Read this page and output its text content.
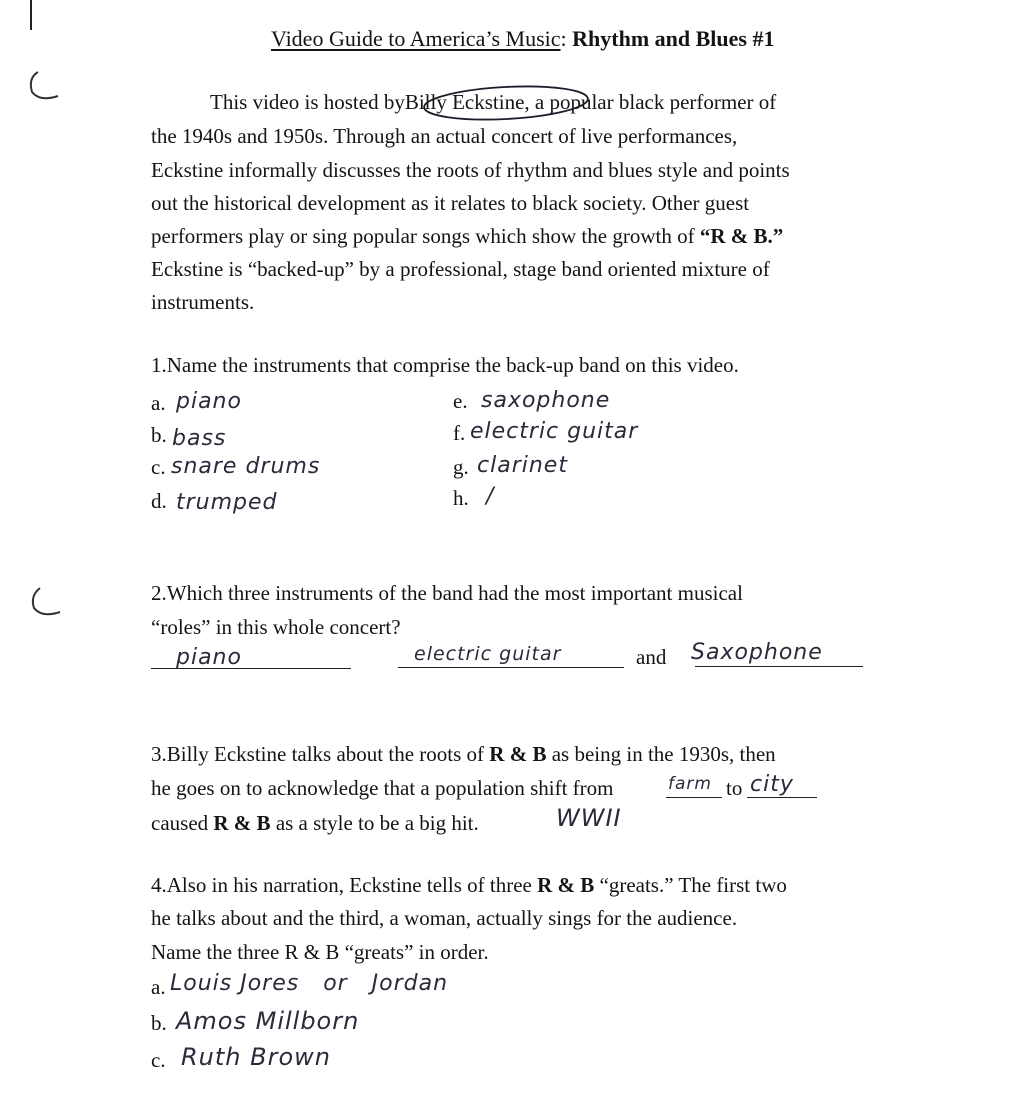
Video Guide to America’s Music: Rhythm and Blues #1
This video is hosted byBilly Eckstine, a popular black performer of
the 1940s and 1950s. Through an actual concert of live performances,
Eckstine informally discusses the roots of rhythm and blues style and points
out the historical development as it relates to black society. Other guest
performers play or sing popular songs which show the growth of “R & B.”
Eckstine is “backed-up” by a professional, stage band oriented mixture of
instruments.
1.Name the instruments that comprise the back-up band on this video.
a. piano
b. bass
c. snare drums
d. trumped
e. saxophone
f. electric guitar
g. clarinet
h. /
2.Which three instruments of the band had the most important musical
“roles” in this whole concert?
piano	electric guitar	and Saxophone
3.Billy Eckstine talks about the roots of R & B as being in the 1930s, then
he goes on to acknowledge that a population shift from	farm to city
caused R & B as a style to be a big hit.	WWII
4.Also in his narration, Eckstine tells of three R & B “greats.” The first two
he talks about and the third, a woman, actually sings for the audience.
Name the three R & B “greats” in order.
a. Louis Jores   or   Jordan
b. Amos Millborn
c. Ruth Brown
